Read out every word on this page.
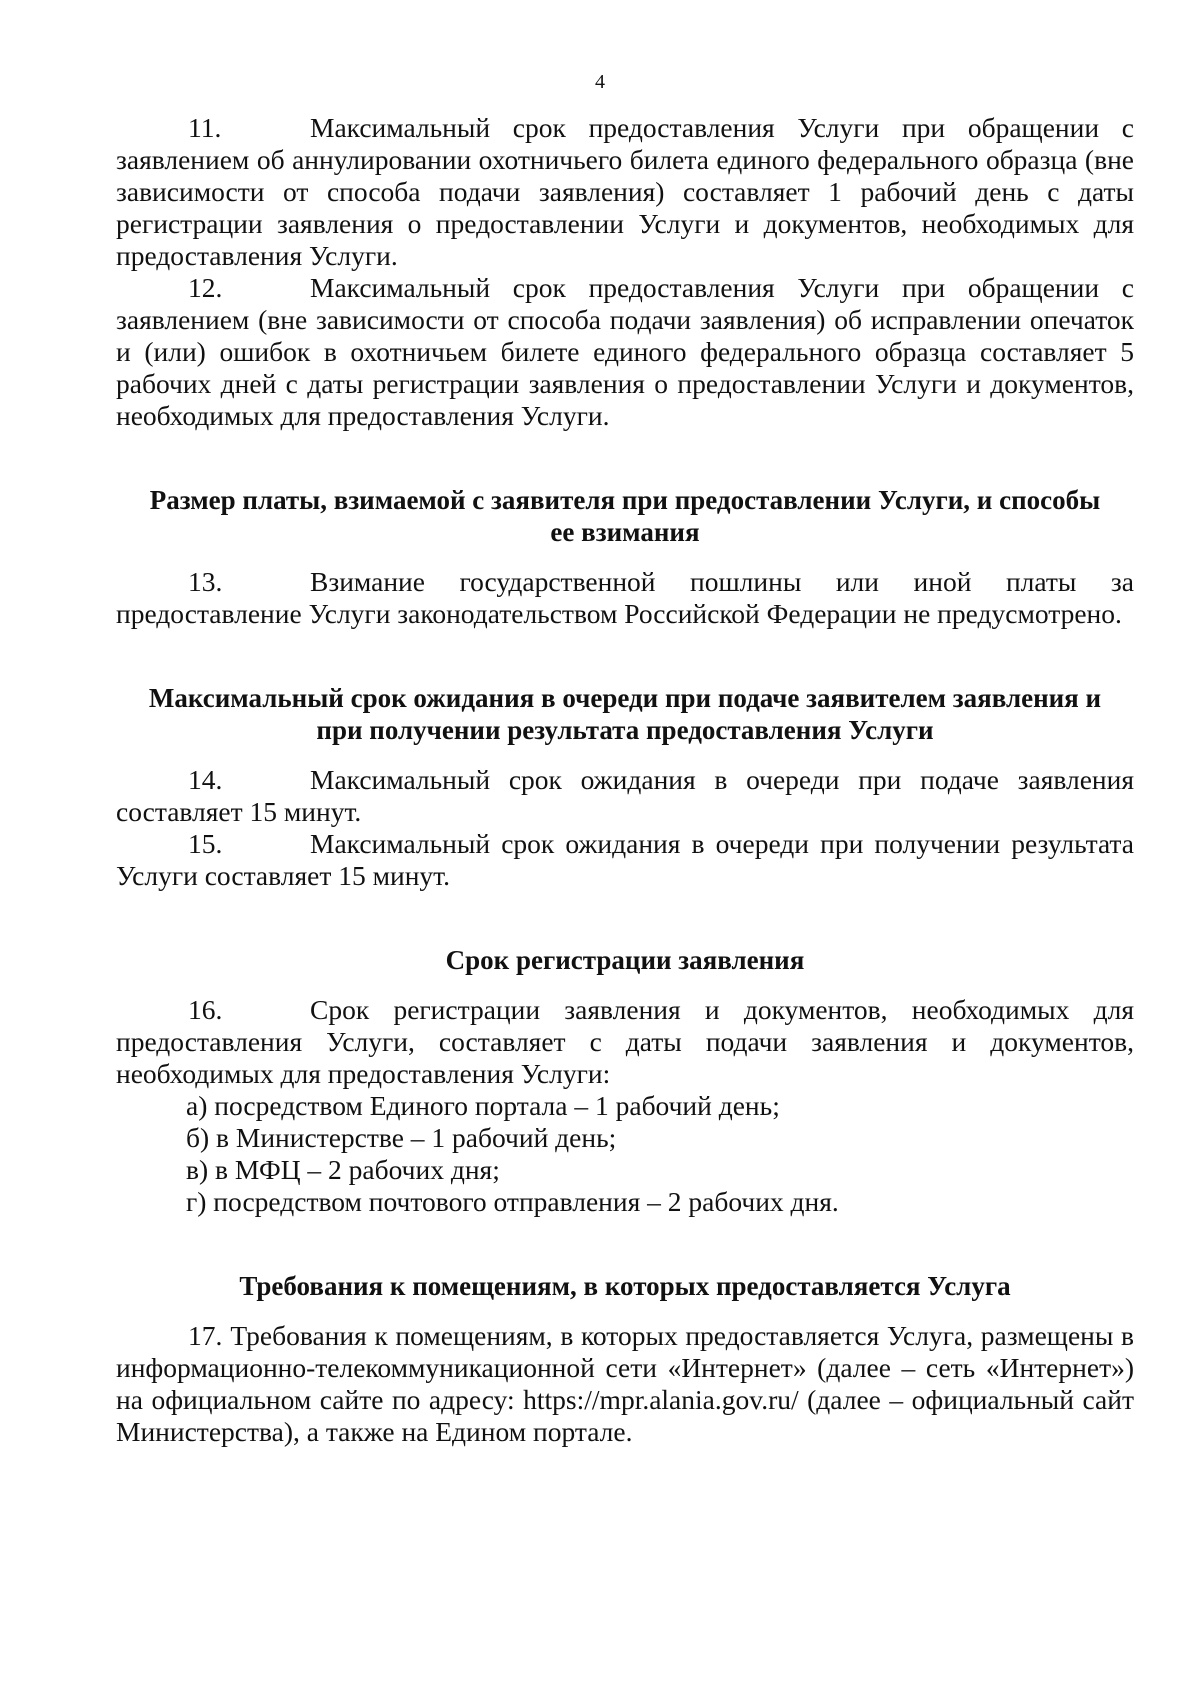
4

11.	Максимальный срок предоставления Услуги при обращении с заявлением об аннулировании охотничьего билета единого федерального образца (вне зависимости от способа подачи заявления) составляет 1 рабочий день с даты регистрации заявления о предоставлении Услуги и документов, необходимых для предоставления Услуги.

12.	Максимальный срок предоставления Услуги при обращении с заявлением (вне зависимости от способа подачи заявления) об исправлении опечаток и (или) ошибок в охотничьем билете единого федерального образца составляет 5 рабочих дней с даты регистрации заявления о предоставлении Услуги и документов, необходимых для предоставления Услуги.

Размер платы, взимаемой с заявителя при предоставлении Услуги, и способы
ее взимания

13.	Взимание государственной пошлины или иной платы за предоставление Услуги законодательством Российской Федерации не предусмотрено.

Максимальный срок ожидания в очереди при подаче заявителем заявления и
при получении результата предоставления Услуги

14.	Максимальный срок ожидания в очереди при подаче заявления составляет 15 минут.

15.	Максимальный срок ожидания в очереди при получении результата Услуги составляет 15 минут.

Срок регистрации заявления

16.	Срок регистрации заявления и документов, необходимых для предоставления Услуги, составляет с даты подачи заявления и документов, необходимых для предоставления Услуги:

а) посредством Единого портала – 1 рабочий день;

б) в Министерстве – 1 рабочий день;

в) в МФЦ – 2 рабочих дня;

г) посредством почтового отправления – 2 рабочих дня.

Требования к помещениям, в которых предоставляется Услуга

17. Требования к помещениям, в которых предоставляется Услуга, размещены в информационно-телекоммуникационной сети «Интернет» (далее – сеть «Интернет») на официальном сайте по адресу: https://mpr.alania.gov.ru/ (далее – официальный сайт Министерства), а также на Едином портале.
